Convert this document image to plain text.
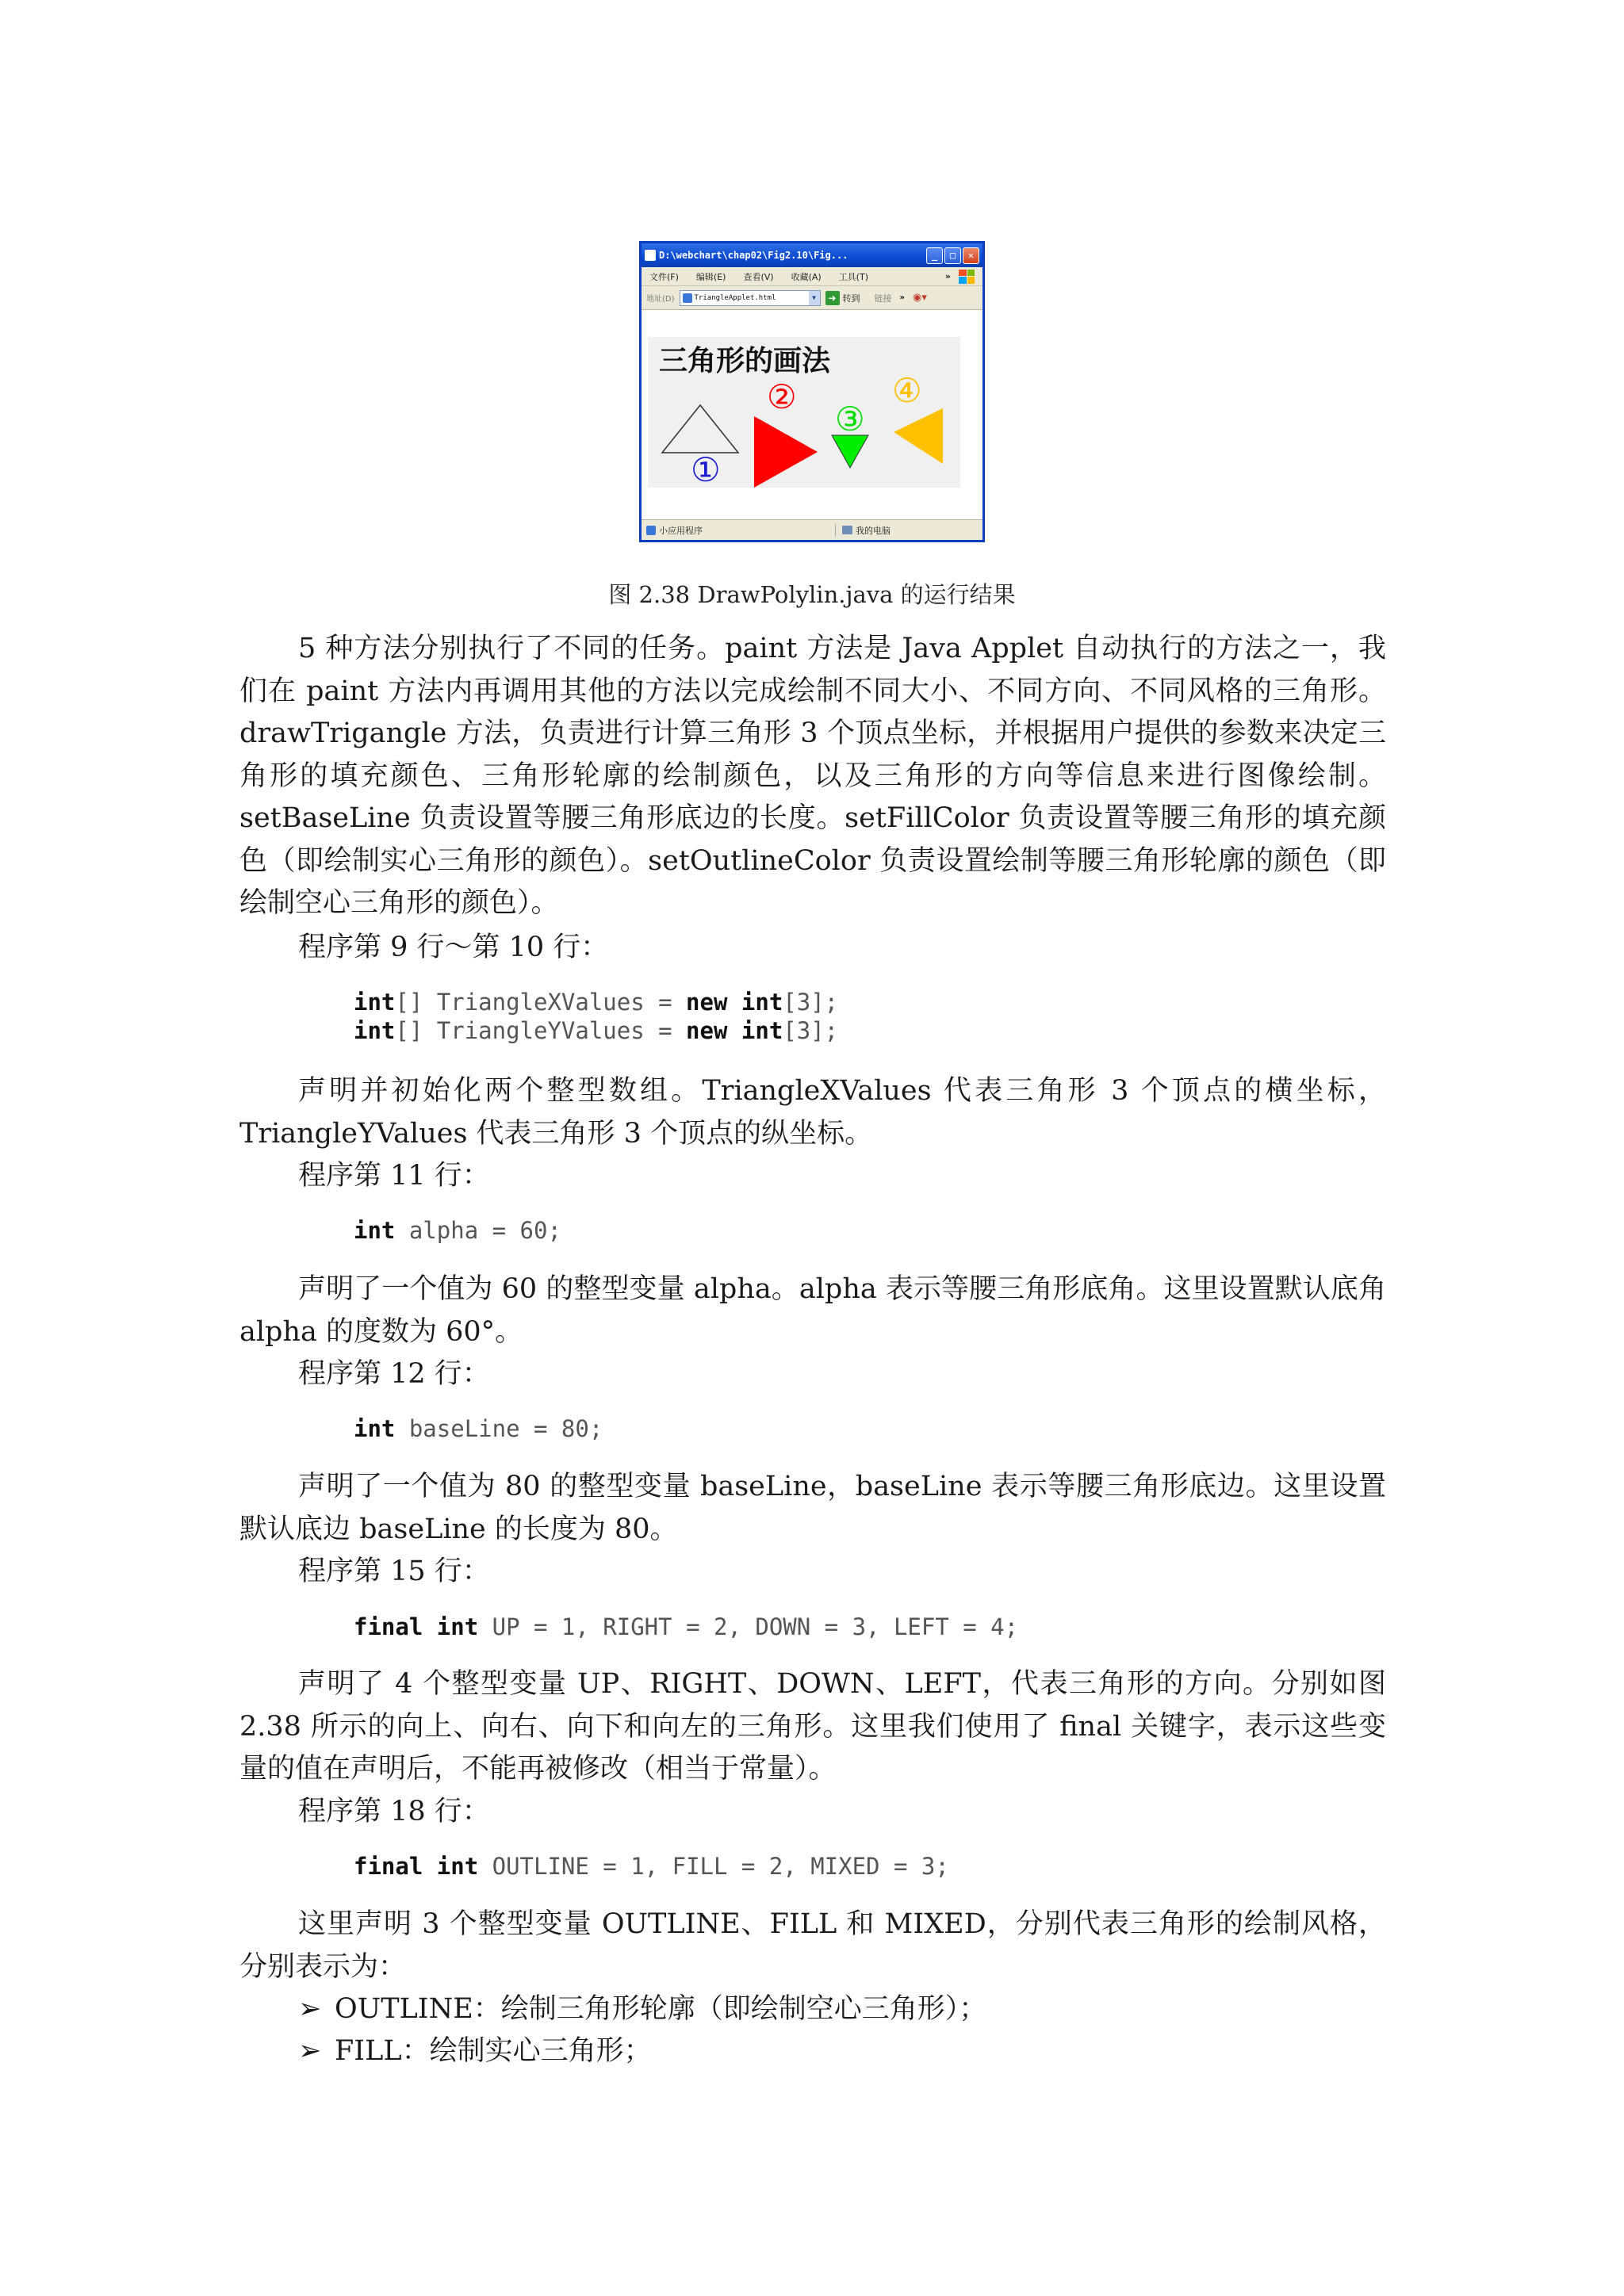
D:\webchart\chap02\Fig2.10\Fig...	_	□	✕
文件(F) 编辑(E) 查看(V) 收藏(A) 工具(T)	»
地址(D)	TriangleApplet.html	▼	➜ 转到 链接 » ◉▾
三角形的画法
①
②
③
④
小应用程序	我的电脑
图 2.38 DrawPolylin.java 的运行结果

5 种方法分别执行了不同的任务。paint 方法是 Java Applet 自动执行的方法之一，我们在 paint 方法内再调用其他的方法以完成绘制不同大小、不同方向、不同风格的三角形。drawTrigangle 方法，负责进行计算三角形 3 个顶点坐标，并根据用户提供的参数来决定三角形的填充颜色、三角形轮廓的绘制颜色，以及三角形的方向等信息来进行图像绘制。setBaseLine 负责设置等腰三角形底边的长度。setFillColor 负责设置等腰三角形的填充颜色（即绘制实心三角形的颜色）。setOutlineColor 负责设置绘制等腰三角形轮廓的颜色（即绘制空心三角形的颜色）。

程序第 9 行～第 10 行：

int[] TriangleXValues = new int[3];
int[] TriangleYValues = new int[3];

声明并初始化两个整型数组。TriangleXValues 代表三角形 3 个顶点的横坐标，TriangleYValues 代表三角形 3 个顶点的纵坐标。

程序第 11 行：

int alpha = 60;

声明了一个值为 60 的整型变量 alpha。alpha 表示等腰三角形底角。这里设置默认底角 alpha 的度数为 60°。

程序第 12 行：

int baseLine = 80;

声明了一个值为 80 的整型变量 baseLine，baseLine 表示等腰三角形底边。这里设置默认底边 baseLine 的长度为 80。

程序第 15 行：

final int UP = 1, RIGHT = 2, DOWN = 3, LEFT = 4;

声明了 4 个整型变量 UP、RIGHT、DOWN、LEFT，代表三角形的方向。分别如图 2.38 所示的向上、向右、向下和向左的三角形。这里我们使用了 final 关键字，表示这些变量的值在声明后，不能再被修改（相当于常量）。

程序第 18 行：

final int OUTLINE = 1, FILL = 2, MIXED = 3;

这里声明 3 个整型变量 OUTLINE、FILL 和 MIXED，分别代表三角形的绘制风格，分别表示为：

➢ OUTLINE：绘制三角形轮廓（即绘制空心三角形）；

➢ FILL：绘制实心三角形；
